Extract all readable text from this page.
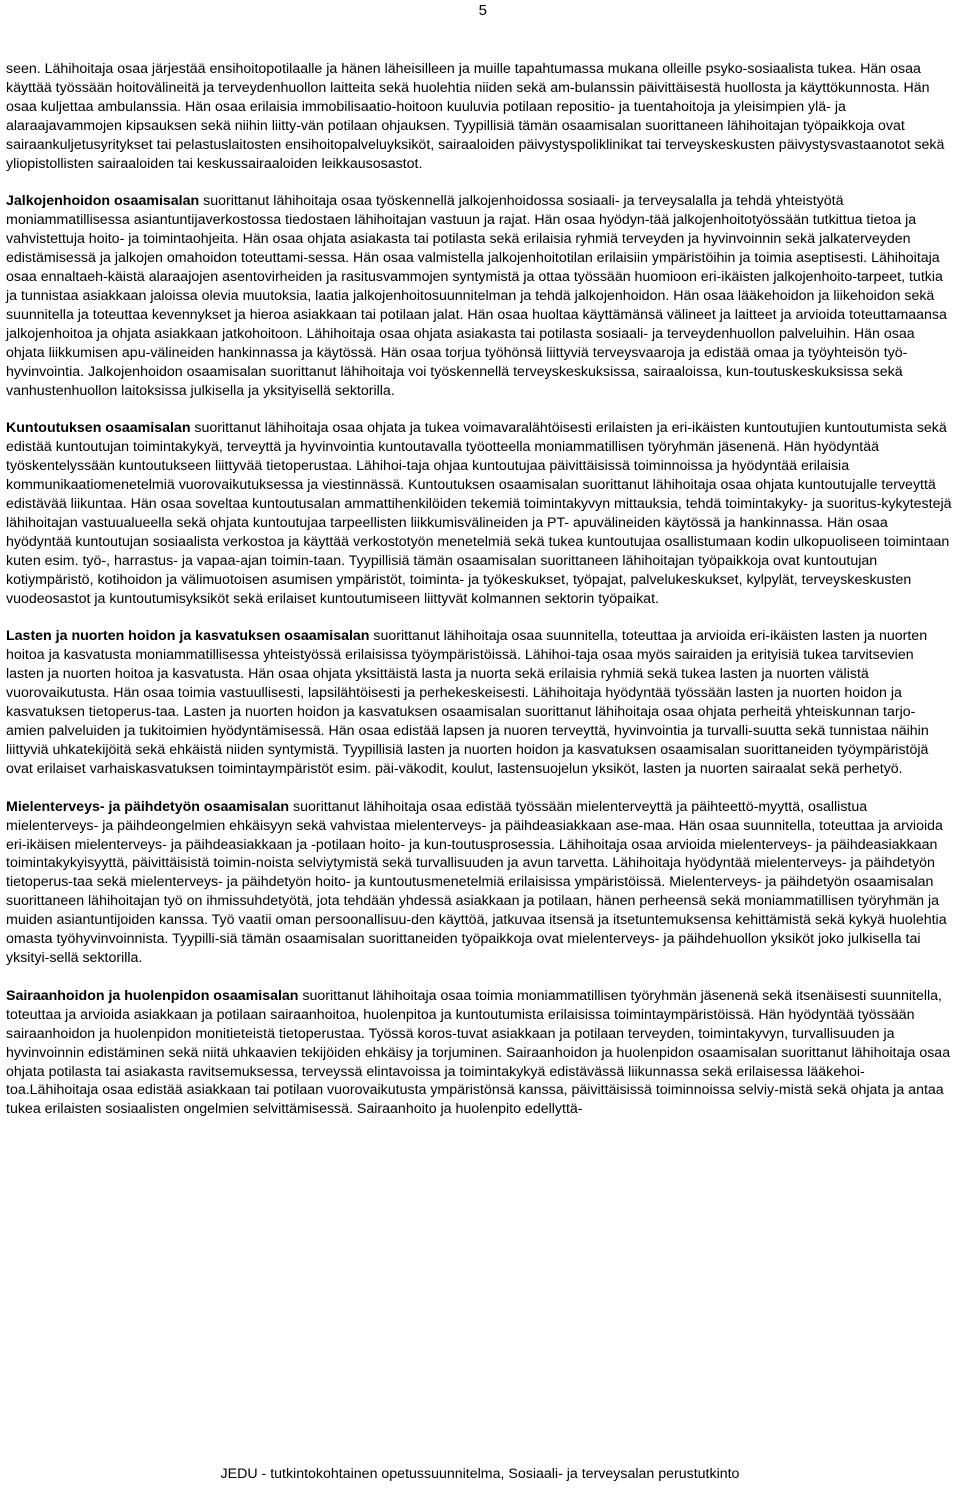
5

seen. Lähihoitaja osaa järjestää ensihoitopotilaalle ja hänen läheisilleen ja muille tapahtumassa mukana olleille psyko-sosiaalista tukea. Hän osaa käyttää työssään hoitovälineitä ja terveydenhuollon laitteita sekä huolehtia niiden sekä am-bulanssin päivittäisestä huollosta ja käyttökunnosta. Hän osaa kuljettaa ambulanssia. Hän osaa erilaisia immobilisaatio-hoitoon kuuluvia potilaan repositio- ja tuentahoitoja ja yleisimpien ylä- ja alaraajavammojen kipsauksen sekä niihin liitty-vän potilaan ohjauksen. Tyypillisiä tämän osaamisalan suorittaneen lähihoitajan työpaikkoja ovat sairaankuljetusyritykset tai pelastuslaitosten ensihoitopalveluyksiköt, sairaaloiden päivystyspoliklinikat tai terveyskeskusten päivystysvastaanotot sekä yliopistollisten sairaaloiden tai keskussairaaloiden leikkausosastot.

Jalkojenhoidon osaamisalan suorittanut lähihoitaja osaa työskennellä jalkojenhoidossa sosiaali- ja terveysalalla ja tehdä yhteistyötä moniammatillisessa asiantuntijaverkostossa tiedostaen lähihoitajan vastuun ja rajat. Hän osaa hyödyn-tää jalkojenhoitotyössään tutkittua tietoa ja vahvistettuja hoito- ja toimintaohjeita. Hän osaa ohjata asiakasta tai potilasta sekä erilaisia ryhmiä terveyden ja hyvinvoinnin sekä jalkaterveyden edistämisessä ja jalkojen omahoidon toteuttami-sessa. Hän osaa valmistella jalkojenhoitotilan erilaisiin ympäristöihin ja toimia aseptisesti. Lähihoitaja osaa ennaltaeh-käistä alaraajojen asentovirheiden ja rasitusvammojen syntymistä ja ottaa työssään huomioon eri-ikäisten jalkojenhoito-tarpeet, tutkia ja tunnistaa asiakkaan jaloissa olevia muutoksia, laatia jalkojenhoitosuunnitelman ja tehdä jalkojenhoidon. Hän osaa lääkehoidon ja liikehoidon sekä suunnitella ja toteuttaa kevennykset ja hieroa asiakkaan tai potilaan jalat. Hän osaa huoltaa käyttämänsä välineet ja laitteet ja arvioida toteuttamaansa jalkojenhoitoa ja ohjata asiakkaan jatkohoitoon. Lähihoitaja osaa ohjata asiakasta tai potilasta sosiaali- ja terveydenhuollon palveluihin. Hän osaa ohjata liikkumisen apu-välineiden hankinnassa ja käytössä. Hän osaa torjua työhönsä liittyviä terveysvaaroja ja edistää omaa ja työyhteisön työ-hyvinvointia. Jalkojenhoidon osaamisalan suorittanut lähihoitaja voi työskennellä terveyskeskuksissa, sairaaloissa, kun-toutuskeskuksissa sekä vanhustenhuollon laitoksissa julkisella ja yksityisellä sektorilla.

Kuntoutuksen osaamisalan suorittanut lähihoitaja osaa ohjata ja tukea voimavaralähtöisesti erilaisten ja eri-ikäisten kuntoutujien kuntoutumista sekä edistää kuntoutujan toimintakykyä, terveyttä ja hyvinvointia kuntoutavalla työotteella moniammatillisen työryhmän jäsenenä. Hän hyödyntää työskentelyssään kuntoutukseen liittyvää tietoperustaa. Lähihoi-taja ohjaa kuntoutujaa päivittäisissä toiminnoissa ja hyödyntää erilaisia kommunikaatiomenetelmiä vuorovaikutuksessa ja viestinnässä. Kuntoutuksen osaamisalan suorittanut lähihoitaja osaa ohjata kuntoutujalle terveyttä edistävää liikuntaa. Hän osaa soveltaa kuntoutusalan ammattihenkilöiden tekemiä toimintakyvyn mittauksia, tehdä toimintakyky- ja suoritus-kykytestejä lähihoitajan vastuualueella sekä ohjata kuntoutujaa tarpeellisten liikkumisvälineiden ja PT- apuvälineiden käytössä ja hankinnassa. Hän osaa hyödyntää kuntoutujan sosiaalista verkostoa ja käyttää verkostotyön menetelmiä sekä tukea kuntoutujaa osallistumaan kodin ulkopuoliseen toimintaan kuten esim. työ-, harrastus- ja vapaa-ajan toimin-taan. Tyypillisiä tämän osaamisalan suorittaneen lähihoitajan työpaikkoja ovat kuntoutujan kotiympäristö, kotihoidon ja välimuotoisen asumisen ympäristöt, toiminta- ja työkeskukset, työpajat, palvelukeskukset, kylpylät, terveyskeskusten vuodeosastot ja kuntoutumisyksiköt sekä erilaiset kuntoutumiseen liittyvät kolmannen sektorin työpaikat.

Lasten ja nuorten hoidon ja kasvatuksen osaamisalan suorittanut lähihoitaja osaa suunnitella, toteuttaa ja arvioida eri-ikäisten lasten ja nuorten hoitoa ja kasvatusta moniammatillisessa yhteistyössä erilaisissa työympäristöissä. Lähihoi-taja osaa myös sairaiden ja erityisiä tukea tarvitsevien lasten ja nuorten hoitoa ja kasvatusta. Hän osaa ohjata yksittäistä lasta ja nuorta sekä erilaisia ryhmiä sekä tukea lasten ja nuorten välistä vuorovaikutusta. Hän osaa toimia vastuullisesti, lapsilähtöisesti ja perhekeskeisesti. Lähihoitaja hyödyntää työssään lasten ja nuorten hoidon ja kasvatuksen tietoperus-taa. Lasten ja nuorten hoidon ja kasvatuksen osaamisalan suorittanut lähihoitaja osaa ohjata perheitä yhteiskunnan tarjo-amien palveluiden ja tukitoimien hyödyntämisessä. Hän osaa edistää lapsen ja nuoren terveyttä, hyvinvointia ja turvalli-suutta sekä tunnistaa näihin liittyviä uhkatekijöitä sekä ehkäistä niiden syntymistä. Tyypillisiä lasten ja nuorten hoidon ja kasvatuksen osaamisalan suorittaneiden työympäristöjä ovat erilaiset varhaiskasvatuksen toimintaympäristöt esim. päi-väkodit, koulut, lastensuojelun yksiköt, lasten ja nuorten sairaalat sekä perhetyö.

Mielenterveys- ja päihdetyön osaamisalan suorittanut lähihoitaja osaa edistää työssään mielenterveyttä ja päihteettö-myyttä, osallistua mielenterveys- ja päihdeongelmien ehkäisyyn sekä vahvistaa mielenterveys- ja päihdeasiakkaan ase-maa. Hän osaa suunnitella, toteuttaa ja arvioida eri-ikäisen mielenterveys- ja päihdeasiakkaan ja -potilaan hoito- ja kun-toutusprosessia. Lähihoitaja osaa arvioida mielenterveys- ja päihdeasiakkaan toimintakykyisyyttä, päivittäisistä toimin-noista selviytymistä sekä turvallisuuden ja avun tarvetta. Lähihoitaja hyödyntää mielenterveys- ja päihdetyön tietoperus-taa sekä mielenterveys- ja päihdetyön hoito- ja kuntoutusmenetelmiä erilaisissa ympäristöissä. Mielenterveys- ja päihdetyön osaamisalan suorittaneen lähihoitajan työ on ihmissuhdetyötä, jota tehdään yhdessä asiakkaan ja potilaan, hänen perheensä sekä moniammatillisen työryhmän ja muiden asiantuntijoiden kanssa. Työ vaatii oman persoonallisuu-den käyttöä, jatkuvaa itsensä ja itsetuntemuksensa kehittämistä sekä kykyä huolehtia omasta työhyvinvoinnista. Tyypilli-siä tämän osaamisalan suorittaneiden työpaikkoja ovat mielenterveys- ja päihdehuollon yksiköt joko julkisella tai yksityi-sellä sektorilla.

Sairaanhoidon ja huolenpidon osaamisalan suorittanut lähihoitaja osaa toimia moniammatillisen työryhmän jäsenenä sekä itsenäisesti suunnitella, toteuttaa ja arvioida asiakkaan ja potilaan sairaanhoitoa, huolenpitoa ja kuntoutumista erilaisissa toimintaympäristöissä. Hän hyödyntää työssään sairaanhoidon ja huolenpidon monitieteistä tietoperustaa. Työssä koros-tuvat asiakkaan ja potilaan terveyden, toimintakyvyn, turvallisuuden ja hyvinvoinnin edistäminen sekä niitä uhkaavien tekijöiden ehkäisy ja torjuminen. Sairaanhoidon ja huolenpidon osaamisalan suorittanut lähihoitaja osaa ohjata potilasta tai asiakasta ravitsemuksessa, terveyssä elintavoissa ja toimintakykyä edistävässä liikunnassa sekä erilaisessa lääkehoi-toa.Lähihoitaja osaa edistää asiakkaan tai potilaan vuorovaikutusta ympäristönsä kanssa, päivittäisissä toiminnoissa selviy-mistä sekä ohjata ja antaa tukea erilaisten sosiaalisten ongelmien selvittämisessä. Sairaanhoito ja huolenpito edellyttä-

JEDU - tutkintokohtainen opetussuunnitelma, Sosiaali- ja terveysalan perustutkinto
